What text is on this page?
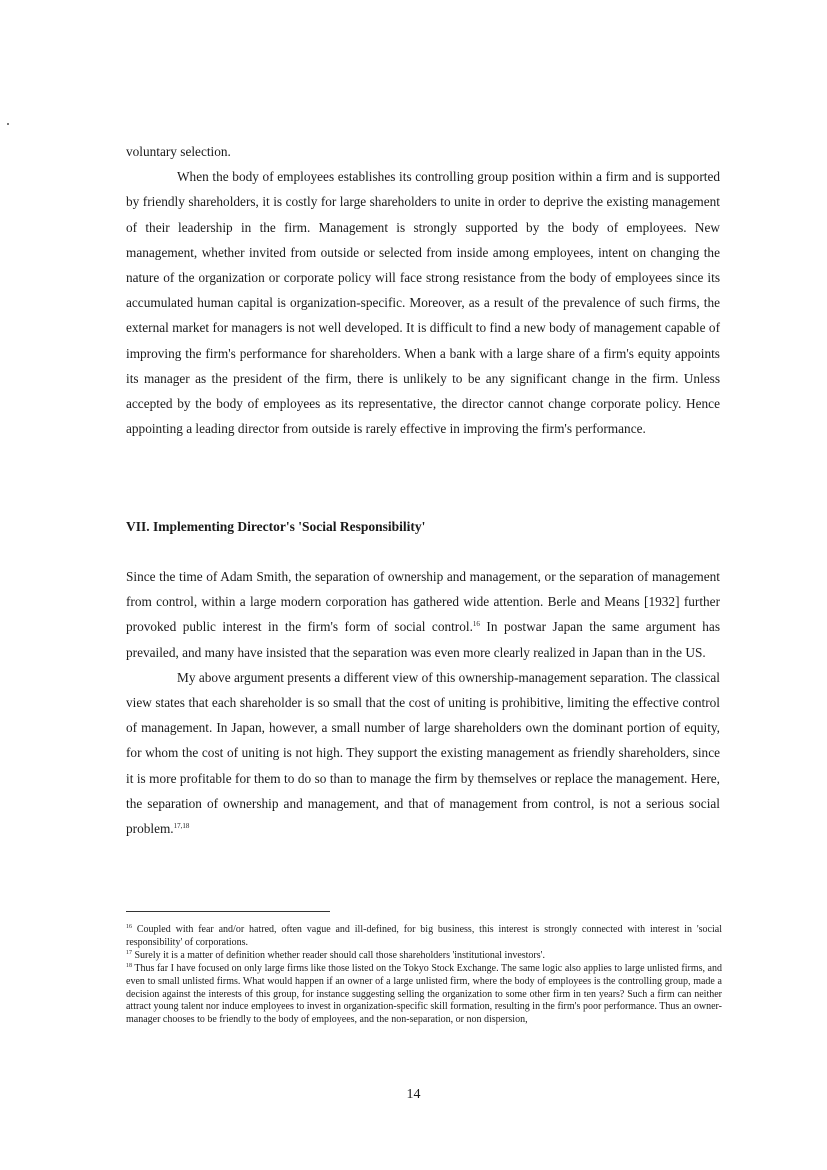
voluntary selection.

When the body of employees establishes its controlling group position within a firm and is supported by friendly shareholders, it is costly for large shareholders to unite in order to deprive the existing management of their leadership in the firm. Management is strongly supported by the body of employees. New management, whether invited from outside or selected from inside among employees, intent on changing the nature of the organization or corporate policy will face strong resistance from the body of employees since its accumulated human capital is organization-specific. Moreover, as a result of the prevalence of such firms, the external market for managers is not well developed. It is difficult to find a new body of management capable of improving the firm's performance for shareholders. When a bank with a large share of a firm's equity appoints its manager as the president of the firm, there is unlikely to be any significant change in the firm. Unless accepted by the body of employees as its representative, the director cannot change corporate policy. Hence appointing a leading director from outside is rarely effective in improving the firm's performance.

VII. Implementing Director's 'Social Responsibility'

Since the time of Adam Smith, the separation of ownership and management, or the separation of management from control, within a large modern corporation has gathered wide attention. Berle and Means [1932] further provoked public interest in the firm's form of social control.$^{16}$ In postwar Japan the same argument has prevailed, and many have insisted that the separation was even more clearly realized in Japan than in the US.

My above argument presents a different view of this ownership-management separation. The classical view states that each shareholder is so small that the cost of uniting is prohibitive, limiting the effective control of management. In Japan, however, a small number of large shareholders own the dominant portion of equity, for whom the cost of uniting is not high. They support the existing management as friendly shareholders, since it is more profitable for them to do so than to manage the firm by themselves or replace the management. Here, the separation of ownership and management, and that of management from control, is not a serious social problem.$^{17,18}$

$^{16}$ Coupled with fear and/or hatred, often vague and ill-defined, for big business, this interest is strongly connected with interest in 'social responsibility' of corporations.

$^{17}$ Surely it is a matter of definition whether reader should call those shareholders 'institutional investors'.

$^{18}$ Thus far I have focused on only large firms like those listed on the Tokyo Stock Exchange. The same logic also applies to large unlisted firms, and even to small unlisted firms. What would happen if an owner of a large unlisted firm, where the body of employees is the controlling group, made a decision against the interests of this group, for instance suggesting selling the organization to some other firm in ten years? Such a firm can neither attract young talent nor induce employees to invest in organization-specific skill formation, resulting in the firm's poor performance. Thus an owner-manager chooses to be friendly to the body of employees, and the non-separation, or non dispersion,

14
